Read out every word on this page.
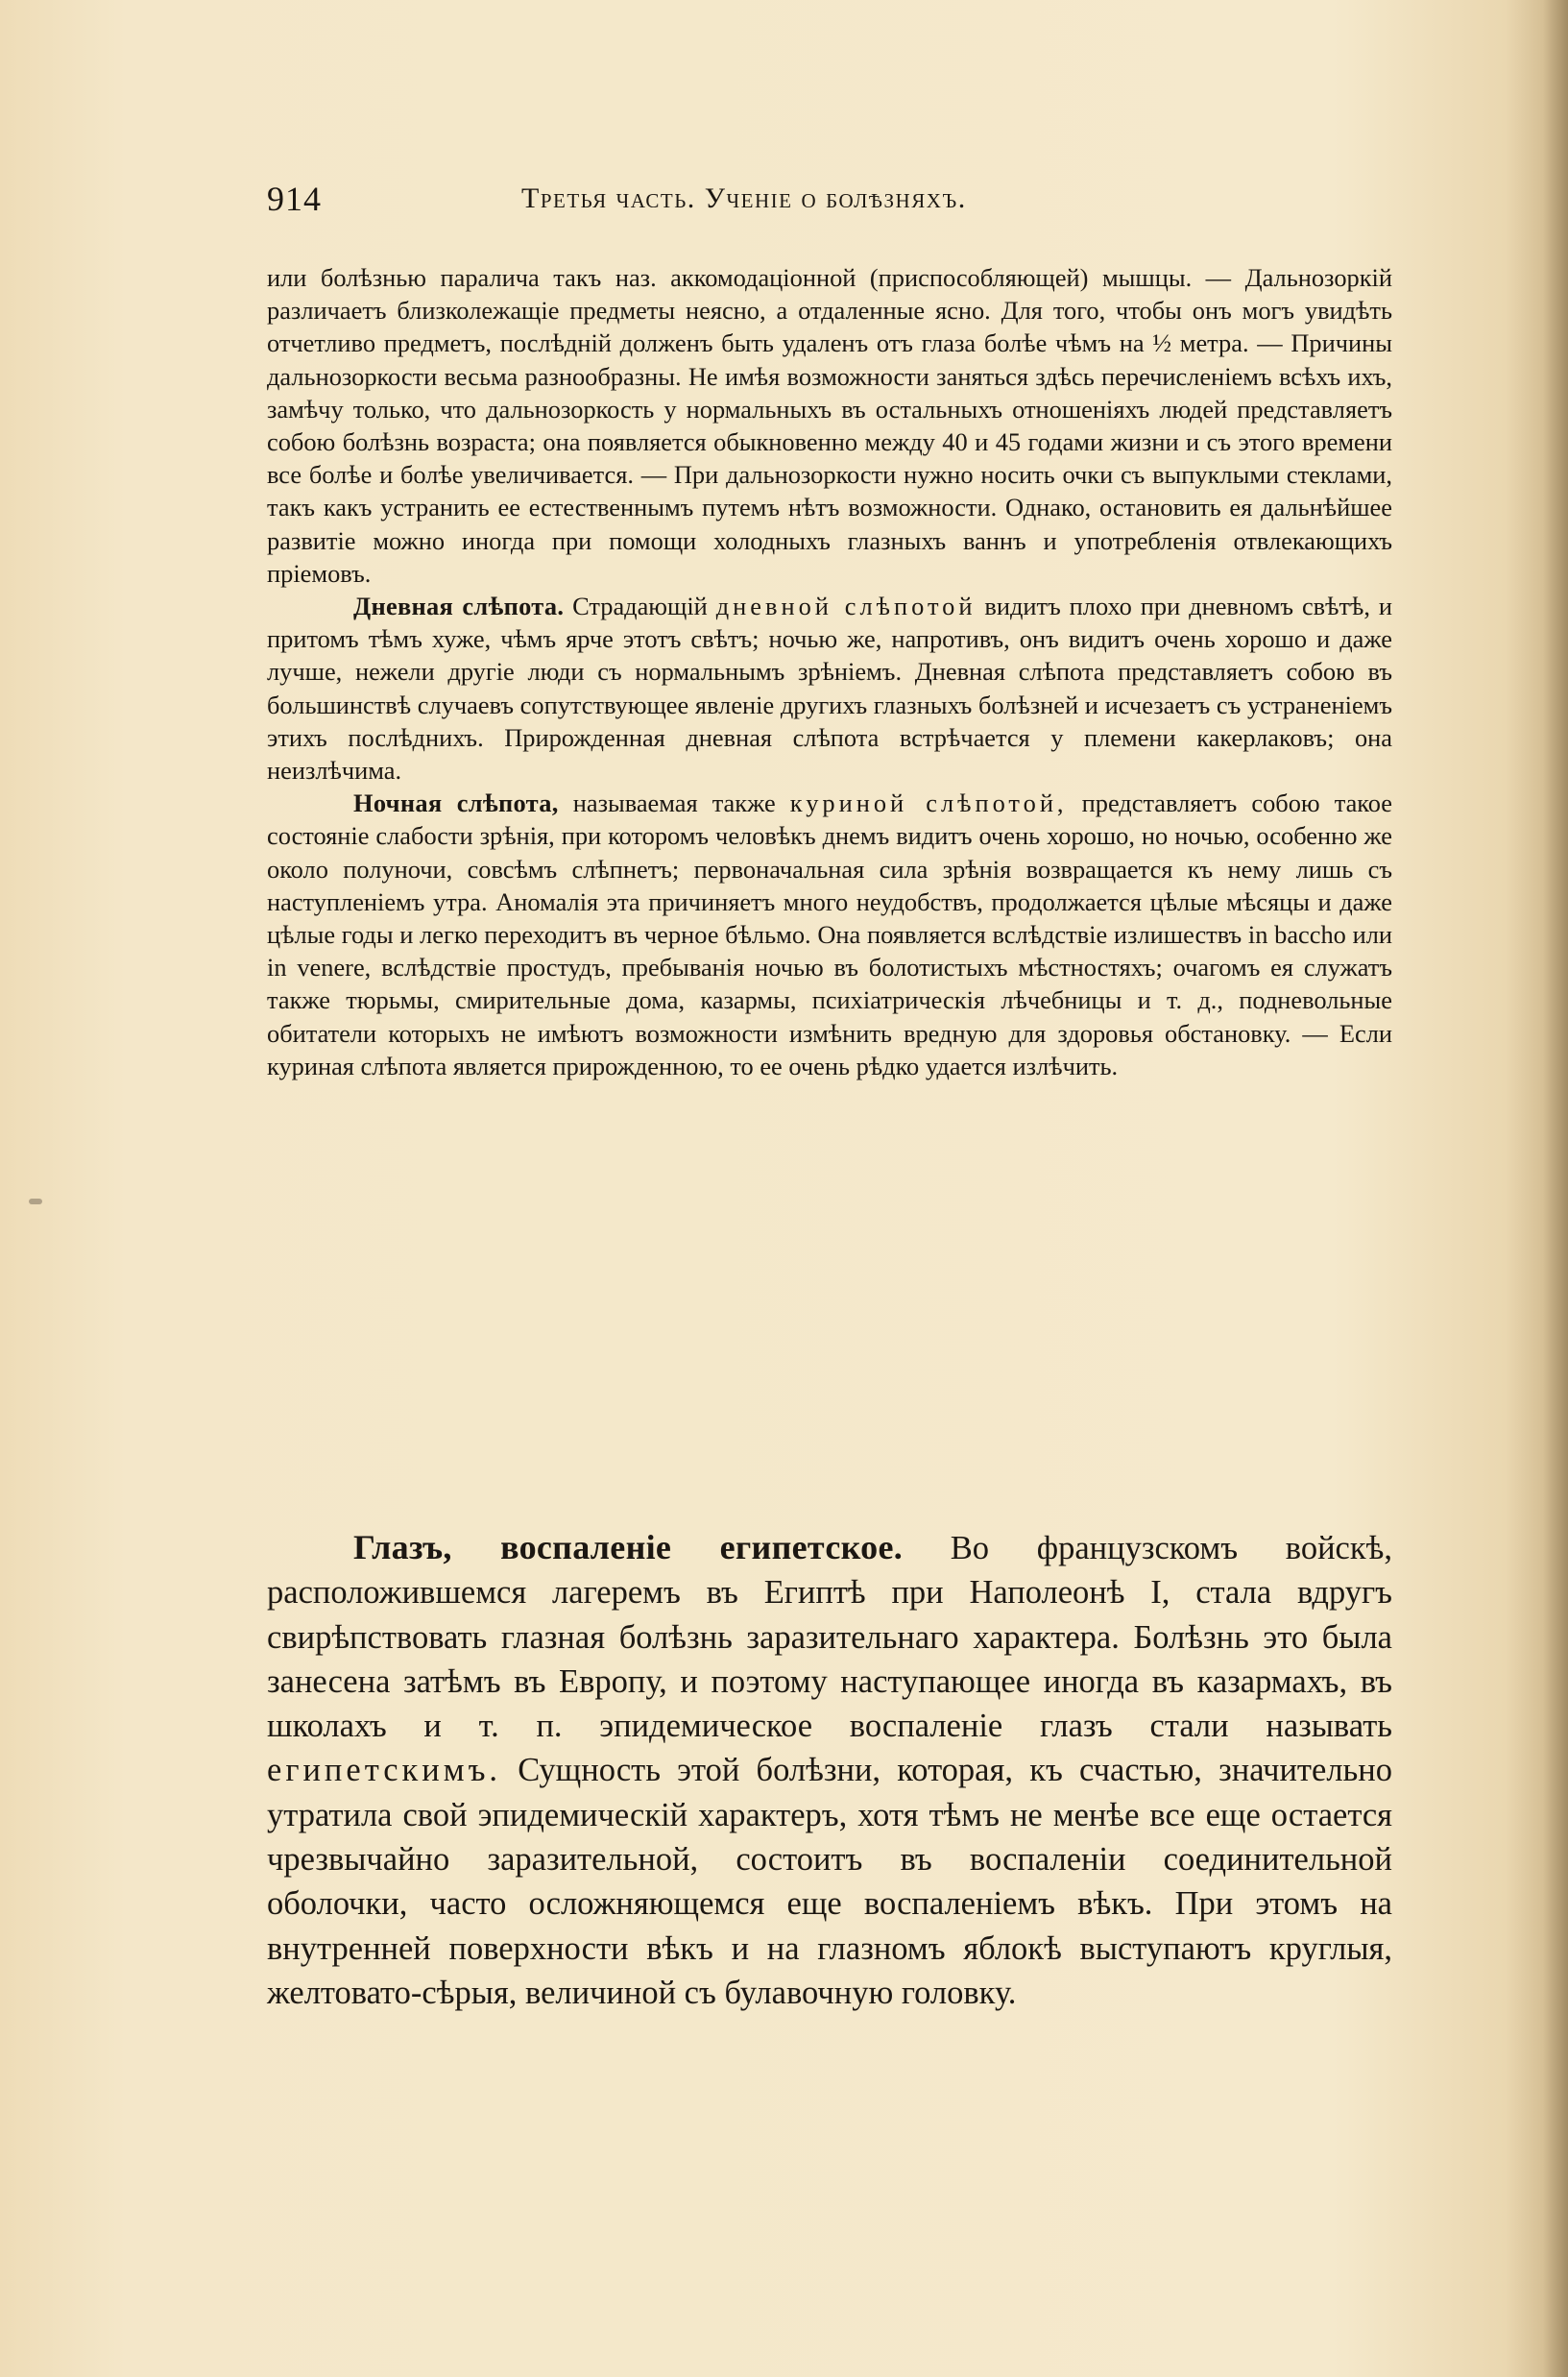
914	Третья часть. Ученіе о болѣзняхъ.

или болѣзнью паралича такъ наз. аккомодаціонной (приспособляющей) мышцы. — Дальнозоркій различаетъ близколежащіе предметы неясно, а отдаленные ясно. Для того, чтобы онъ могъ увидѣть отчетливо предметъ, послѣдній долженъ быть удаленъ отъ глаза болѣе чѣмъ на ½ метра. — Причины дальнозоркости весьма разнообразны. Не имѣя возможности заняться здѣсь перечисленіемъ всѣхъ ихъ, замѣчу только, что дальнозоркость у нормальныхъ въ остальныхъ отношеніяхъ людей представляетъ собою болѣзнь возраста; она появляется обыкновенно между 40 и 45 годами жизни и съ этого времени все болѣе и болѣе увеличивается. — При дальнозоркости нужно носить очки съ выпуклыми стеклами, такъ какъ устранить ее естественнымъ путемъ нѣтъ возможности. Однако, остановить ея дальнѣйшее развитіе можно иногда при помощи холодныхъ глазныхъ ваннъ и употребленія отвлекающихъ пріемовъ.

Дневная слѣпота. Страдающій дневной слѣпотой видитъ плохо при дневномъ свѣтѣ, и притомъ тѣмъ хуже, чѣмъ ярче этотъ свѣтъ; ночью же, напротивъ, онъ видитъ очень хорошо и даже лучше, нежели другіе люди съ нормальнымъ зрѣніемъ. Дневная слѣпота представляетъ собою въ большинствѣ случаевъ сопутствующее явленіе другихъ глазныхъ болѣзней и исчезаетъ съ устраненіемъ этихъ послѣднихъ. Прирожденная дневная слѣпота встрѣчается у племени какерлаковъ; она неизлѣчима.

Ночная слѣпота, называемая также куриной слѣпотой, представляетъ собою такое состояніе слабости зрѣнія, при которомъ человѣкъ днемъ видитъ очень хорошо, но ночью, особенно же около полуночи, совсѣмъ слѣпнетъ; первоначальная сила зрѣнія возвращается къ нему лишь съ наступленіемъ утра. Аномалія эта причиняетъ много неудобствъ, продолжается цѣлые мѣсяцы и даже цѣлые годы и легко переходитъ въ черное бѣльмо. Она появляется вслѣдствіе излишествъ in baccho или in venere, вслѣдствіе простудъ, пребыванія ночью въ болотистыхъ мѣстностяхъ; очагомъ ея служатъ также тюрьмы, смирительные дома, казармы, психіатрическія лѣчебницы и т. д., подневольные обитатели которыхъ не имѣютъ возможности измѣнить вредную для здоровья обстановку. — Если куриная слѣпота является прирожденною, то ее очень рѣдко удается излѣчить.

Глазъ, воспаленіе египетское. Во французскомъ войскѣ, расположившемся лагеремъ въ Египтѣ при Наполеонѣ I, стала вдругъ свирѣпствовать глазная болѣзнь заразительнаго характера. Болѣзнь это была занесена затѣмъ въ Европу, и поэтому наступающее иногда въ казармахъ, въ школахъ и т. п. эпидемическое воспаленіе глазъ стали называть египетскимъ. Сущность этой болѣзни, которая, къ счастью, значительно утратила свой эпидемическій характеръ, хотя тѣмъ не менѣе все еще остается чрезвычайно заразительной, состоитъ въ воспаленіи соединительной оболочки, часто осложняющемся еще воспаленіемъ вѣкъ. При этомъ на внутренней поверхности вѣкъ и на глазномъ яблокѣ выступаютъ круглыя, желтовато-сѣрыя, величиной съ булавочную головку.
